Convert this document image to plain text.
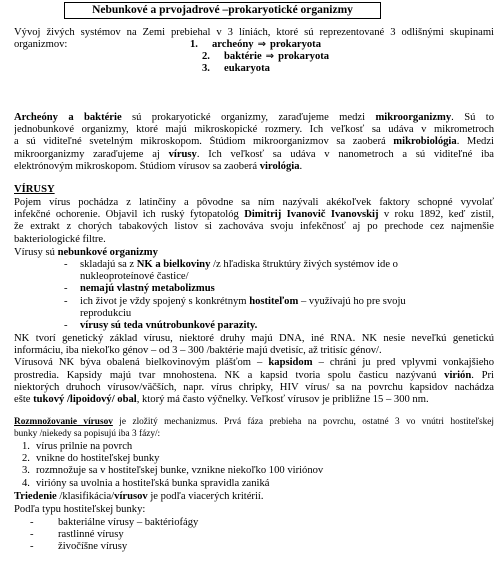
Nebunkové a prvojadrové –prokaryotické organizmy
Vývoj živých systémov na Zemi prebiehal v 3 líniách, ktoré sú reprezentované 3 odlišnými skupinami
organizmov:	1. archeóny ⇒ prokaryota
2. baktérie ⇒ prokaryota
3. eukaryota
Archeóny a baktérie sú prokaryotické organizmy, zaraďujeme medzi mikroorganizmy. Sú to
jednobunkové organizmy, ktoré majú mikroskopické rozmery. Ich veľkosť sa udáva v mikrometroch
a sú viditeľné svetelným mikroskopom. Štúdiom mikroorganizmov sa zaoberá mikrobiológia. Medzi
mikroorganizmy zaraďujeme aj vírusy. Ich veľkosť sa udáva v nanometroch a sú viditeľné iba
elektrónovým mikroskopom. Štúdiom vírusov sa zaoberá virológia.
VÍRUSY
Pojem vírus pochádza z latinčiny a pôvodne sa ním nazývali akékoľvek faktory schopné vyvolať
infekčné ochorenie. Objavil ich ruský fytopatológ Dimitrij Ivanovič Ivanovskij v roku 1892, keď zistil,
že extrakt z chorých tabakových listov si zachováva svoju infekčnosť aj po prechode cez najmenšie
bakteriologické filtre.
Vírusy sú nebunkové organizmy
- skladajú sa z NK a bielkoviny /z hľadiska štruktúry živých systémov ide o
nukleoproteínové častice/
- nemajú vlastný metabolizmus
- ich život je vždy spojený s konkrétnym hostiteľom – využívajú ho pre svoju
reprodukciu
- vírusy sú teda vnútrobunkové parazity.
NK tvorí genetický základ vírusu, niektoré druhy majú DNA, iné RNA. NK nesie neveľkú genetickú
informáciu, iba niekoľko génov – od 3 – 300 /baktérie majú dvetisíc, až tritisíc génov/.
Vírusová NK býva obalená bielkovinovým plášťom – kapsidom – chráni ju pred vplyvmi vonkajšieho
prostredia. Kapsidy majú tvar mnohostena. NK a kapsid tvoria spolu časticu nazývanú virión. Pri
niektorých druhoch vírusov/väčších, napr. vírus chripky, HIV vírus/ sa na povrchu kapsidov nachádza
ešte tukový /lipoidový/ obal, ktorý má často výčnelky. Veľkosť vírusov je približne 15 – 300 nm.
Rozmnožovanie vírusov je zložitý mechanizmus. Prvá fáza prebieha na povrchu, ostatné 3 vo vnútri hostiteľskej
bunky /niekedy sa popisujú iba 3 fázy/:
1. vírus prilnie na povrch
2. vnikne do hostiteľskej bunky
3. rozmnožuje sa v hostiteľskej bunke, vznikne niekoľko 100 viriónov
4. virióny sa uvolnia a hostiteľská bunka spravidla zaniká
Triedenie /klasifikácia/vírusov je podľa viacerých kritérií.
Podľa typu hostiteľskej bunky:
- bakteriálne vírusy – baktériofágy
- rastlinné vírusy
- živočíšne vírusy
